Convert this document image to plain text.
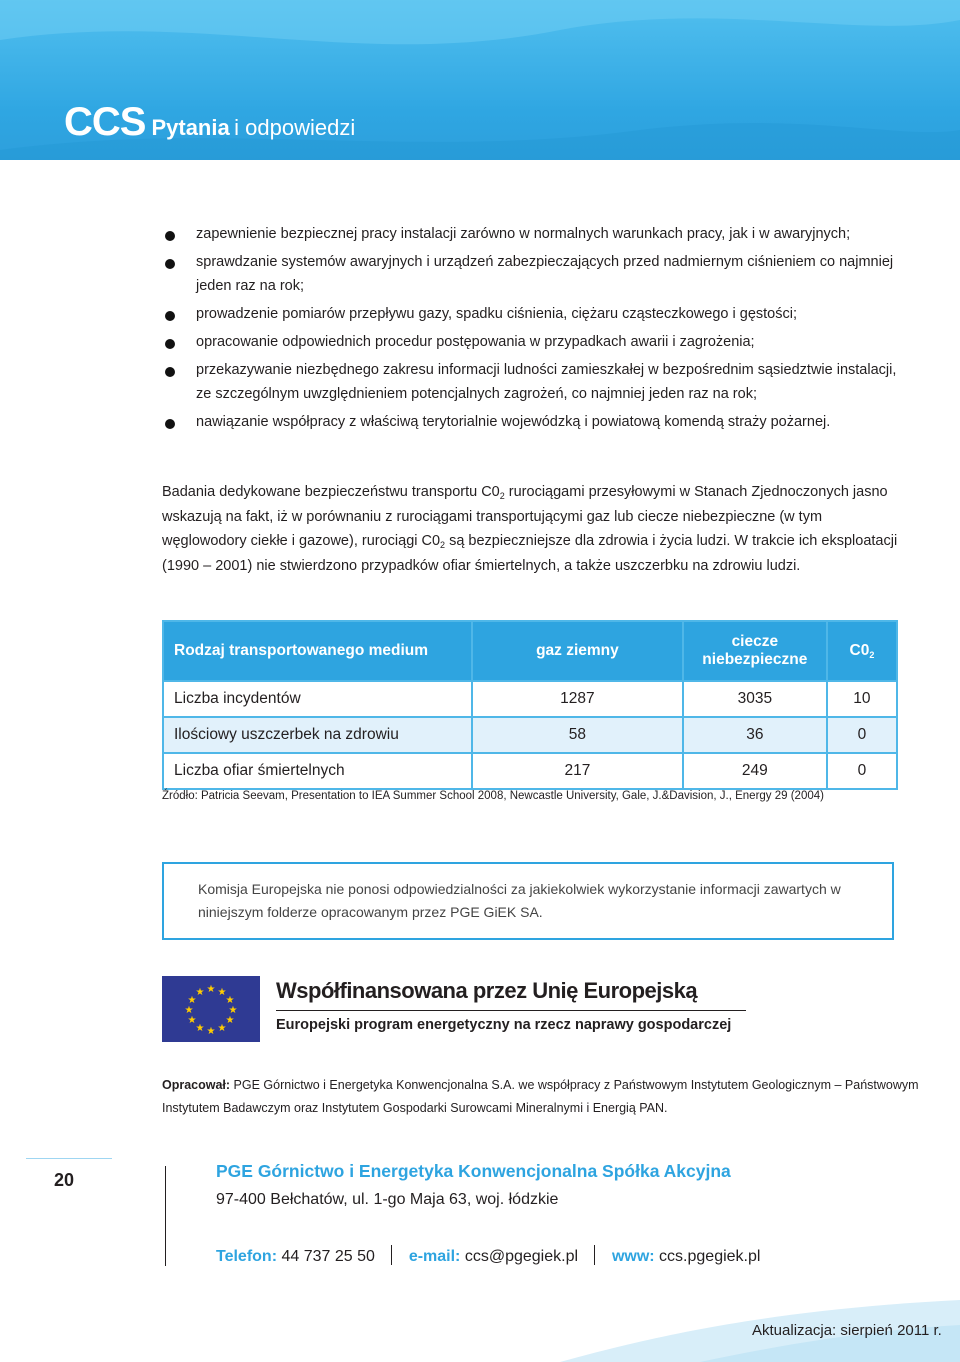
CCS Pytania i odpowiedzi
zapewnienie bezpiecznej pracy instalacji zarówno w normalnych warunkach pracy, jak i w awaryjnych;
sprawdzanie systemów awaryjnych i urządzeń zabezpieczających przed nadmiernym ciśnieniem co najmniej jeden raz na rok;
prowadzenie pomiarów przepływu gazy, spadku ciśnienia, ciężaru cząsteczkowego i gęstości;
opracowanie odpowiednich procedur postępowania w przypadkach awarii i zagrożenia;
przekazywanie niezbędnego zakresu informacji ludności zamieszkałej w bezpośrednim sąsiedztwie instalacji, ze szczególnym uwzględnieniem potencjalnych zagrożeń, co najmniej jeden raz na rok;
nawiązanie współpracy z właściwą terytorialnie wojewódzką i powiatową komendą straży pożarnej.
Badania dedykowane bezpieczeństwu transportu $C0_2$ rurociągami przesyłowymi w Stanach Zjednoczonych jasno wskazują na fakt, iż w porównaniu z rurociągami transportującymi gaz lub ciecze niebezpieczne (w tym węglowodory ciekłe i gazowe), rurociągi $C0_2$ są bezpieczniejsze dla zdrowia i życia ludzi. W trakcie ich eksploatacji (1990 – 2001) nie stwierdzono przypadków ofiar śmiertelnych, a także uszczerbku na zdrowiu ludzi.
Rodzaj transportowanego medium	gaz ziemny	ciecze niebezpieczne	$C0_2$
Liczba incydentów	1287	3035	10
Ilościowy uszczerbek na zdrowiu	58	36	0
Liczba ofiar śmiertelnych	217	249	0
Źródło: Patricia Seevam, Presentation to IEA Summer School 2008, Newcastle University, Gale, J.&Davision, J., Energy 29 (2004)
Komisja Europejska nie ponosi odpowiedzialności za jakiekolwiek wykorzystanie informacji zawartych w niniejszym folderze opracowanym przez PGE GiEK SA.
★ ★
★
★
★
★
★
★
★
★
★
★	Współfinansowana przez Unię Europejską
Europejski program energetyczny na rzecz naprawy gospodarczej
Opracował: PGE Górnictwo i Energetyka Konwencjonalna S.A. we współpracy z Państwowym Instytutem Geologicznym – Państwowym Instytutem Badawczym oraz Instytutem Gospodarki Surowcami Mineralnymi i Energią PAN.
20	PGE Górnictwo i Energetyka Konwencjonalna Spółka Akcyjna
97-400 Bełchatów, ul. 1-go Maja 63, woj. łódzkie
Telefon: 44 737 25 50 e-mail: ccs@pgegiek.pl www: ccs.pgegiek.pl
Aktualizacja: sierpień 2011 r.
